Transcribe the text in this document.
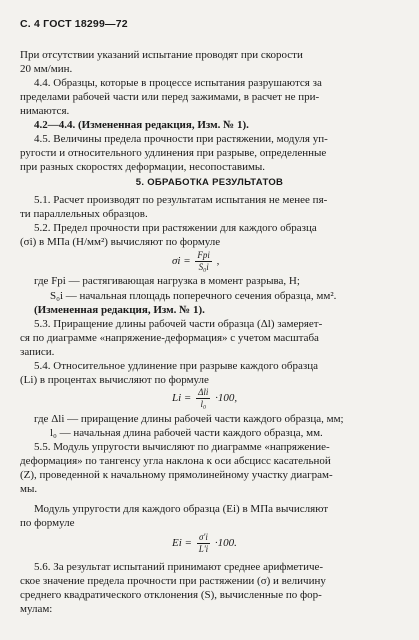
С. 4 ГОСТ 18299—72
При отсутствии указаний испытание проводят при скорости
20 мм/мин.
4.4. Образцы, которые в процессе испытания разрушаются за
пределами рабочей части или перед зажимами, в расчет не при-
нимаются.
4.2—4.4. (Измененная редакция, Изм. № 1).
4.5. Величины предела прочности при растяжении, модуля уп-
ругости и относительного удлинения при разрыве, определенные
при разных скоростях деформации, несопоставимы.
5. ОБРАБОТКА РЕЗУЛЬТАТОВ
5.1. Расчет производят по результатам испытания не менее пя-
ти параллельных образцов.
5.2. Предел прочности при растяжении для каждого образца
(σi) в МПа (Н/мм²) вычисляют по формуле
$\sigma i = \frac{\text{Fpi}}{\text{S₀i}}$ ,
где Fpi — растягивающая нагрузка в момент разрыва, Н;
S₀i — начальная площадь поперечного сечения образца, мм².
(Измененная редакция, Изм. № 1).
5.3. Приращение длины рабочей части образца (Δl) замеряет-
ся по диаграмме «напряжение-деформация» с учетом масштаба
записи.
5.4. Относительное удлинение при разрыве каждого образца
(Li) в процентах вычисляют по формуле
$Li = \frac{\text{Δli}}{\text{l₀}} \cdot 100$,
где Δli — приращение длины рабочей части каждого образца, мм;
l₀ — начальная длина рабочей части каждого образца, мм.
5.5. Модуль упругости вычисляют по диаграмме «напряжение-
деформация» по тангенсу угла наклона к оси абсцисс касательной
(Z), проведенной к начальному прямолинейному участку диаграм-
мы.
Модуль упругости для каждого образца (Ei) в МПа вычисляют
по формуле
$Ei = \frac{\sigma'i}{L'i} \cdot 100$.
5.6. За результат испытаний принимают среднее арифметиче-
ское значение предела прочности при растяжении (σ) и величину
среднего квадратического отклонения (S), вычисленные по фор-
мулам:
